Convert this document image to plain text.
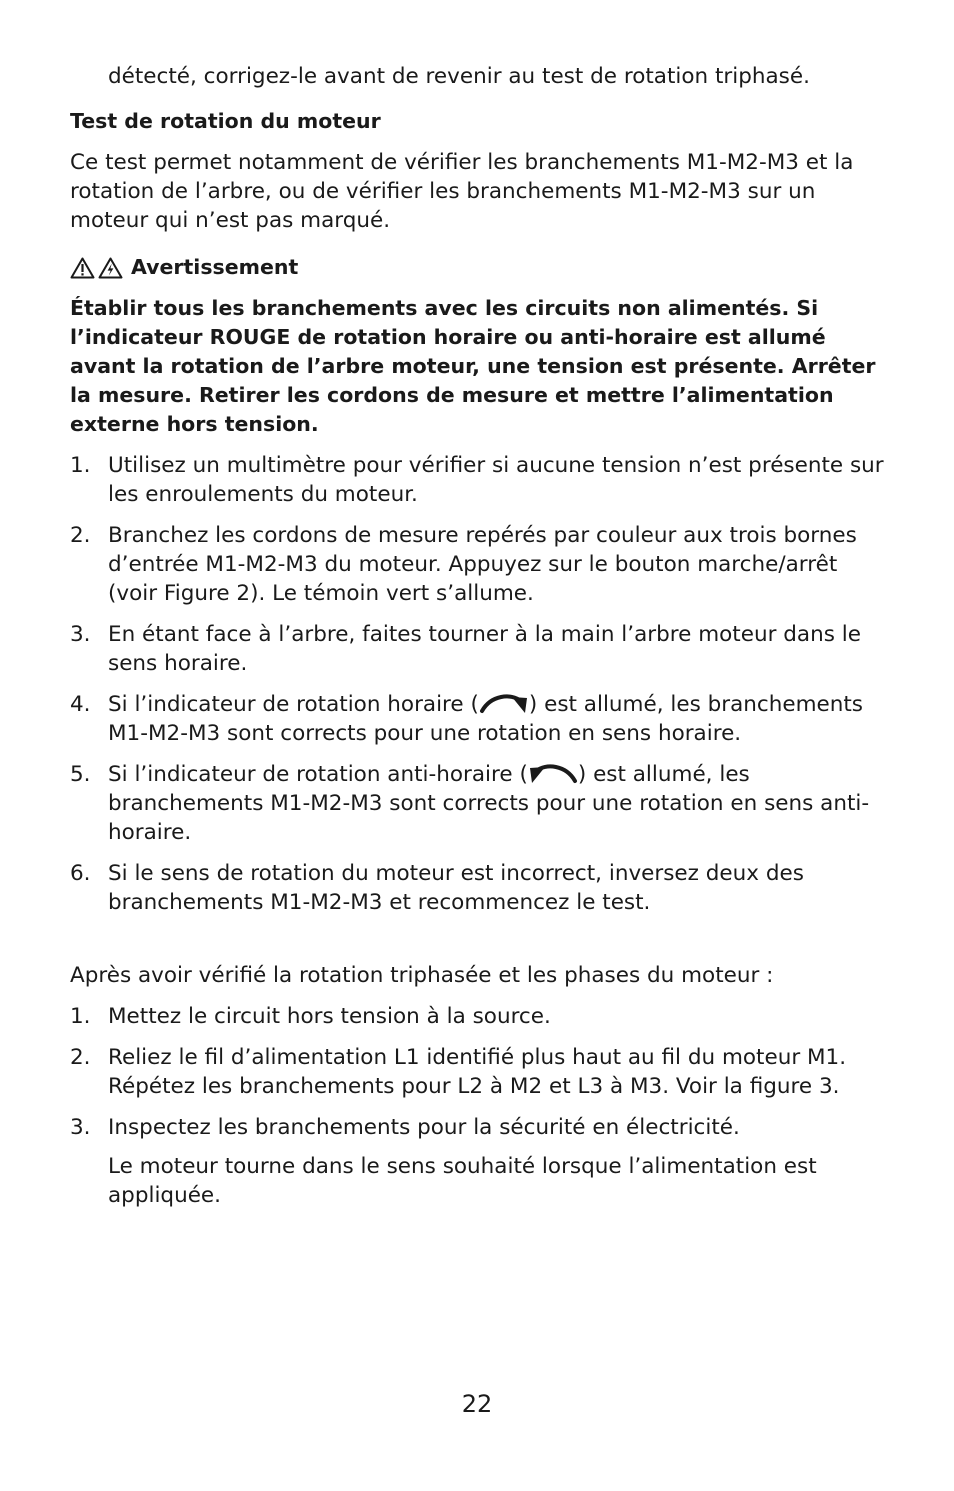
détecté, corrigez-le avant de revenir au test de rotation triphasé.

Test de rotation du moteur

Ce test permet notamment de vérifier les branchements M1-M2-M3 et la rotation de l’arbre, ou de vérifier les branchements M1-M2-M3 sur un moteur qui n’est pas marqué.

Avertissement

Établir tous les branchements avec les circuits non alimentés. Si l’indicateur ROUGE de rotation horaire ou anti-horaire est allumé avant la rotation de l’arbre moteur, une tension est présente. Arrêter la mesure. Retirer les cordons de mesure et mettre l’alimentation externe hors tension.

1. Utilisez un multimètre pour vérifier si aucune tension n’est présente sur les enroulements du moteur.
2. Branchez les cordons de mesure repérés par couleur aux trois bornes d’entrée M1-M2-M3 du moteur. Appuyez sur le bouton marche/arrêt (voir Figure 2). Le témoin vert s’allume.
3. En étant face à l’arbre, faites tourner à la main l’arbre moteur dans le sens horaire.
4. Si l’indicateur de rotation horaire ( ) est allumé, les branchements M1-M2-M3 sont corrects pour une rotation en sens horaire.
5. Si l’indicateur de rotation anti-horaire ( ) est allumé, les branchements M1-M2-M3 sont corrects pour une rotation en sens anti-horaire.
6. Si le sens de rotation du moteur est incorrect, inversez deux des branchements M1-M2-M3 et recommencez le test.

Après avoir vérifié la rotation triphasée et les phases du moteur :

1. Mettez le circuit hors tension à la source.
2. Reliez le fil d’alimentation L1 identifié plus haut au fil du moteur M1. Répétez les branchements pour L2 à M2 et L3 à M3. Voir la figure 3.
3. Inspectez les branchements pour la sécurité en électricité.

Le moteur tourne dans le sens souhaité lorsque l’alimentation est appliquée.

22
